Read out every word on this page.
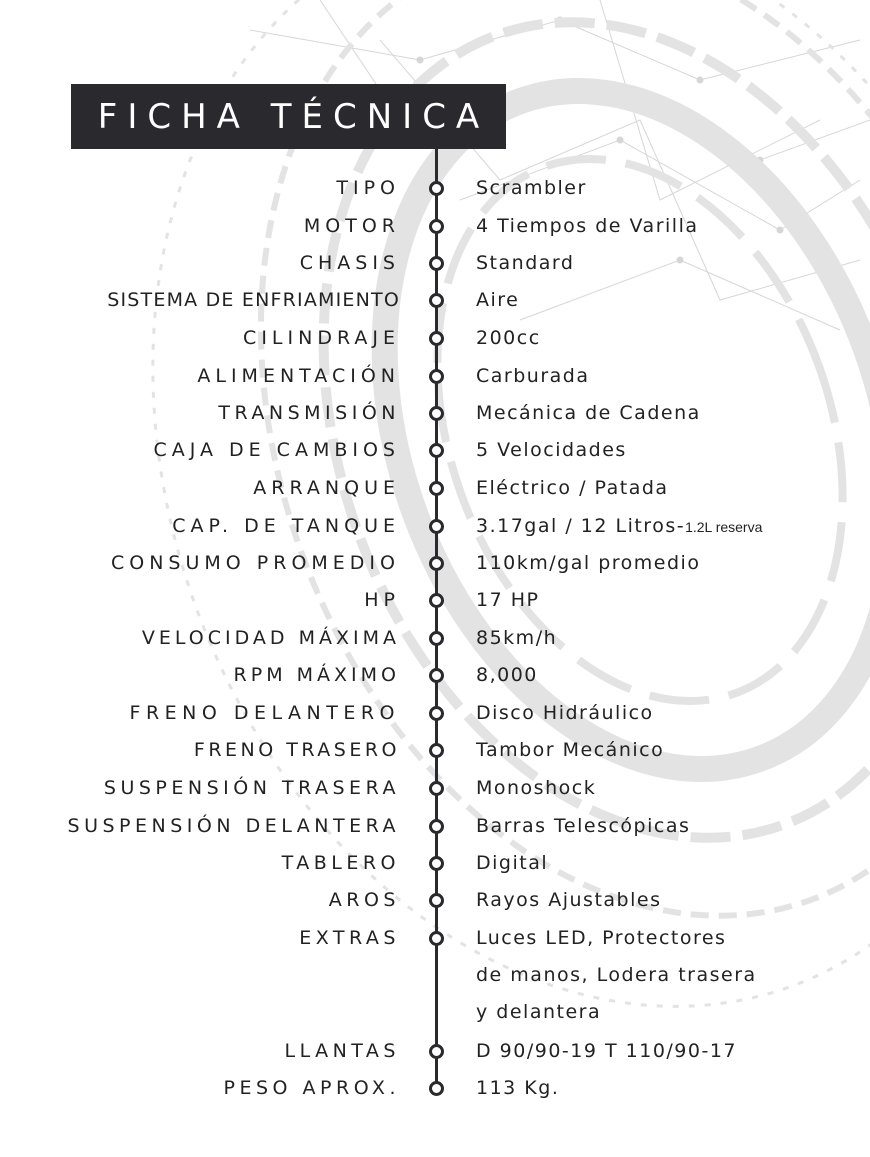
FICHA TÉCNICA
TIPO	Scrambler
MOTOR	4 Tiempos de Varilla
CHASIS	Standard
SISTEMA DE ENFRIAMIENTO	Aire
CILINDRAJE	200cc
ALIMENTACIÓN	Carburada
TRANSMISIÓN	Mecánica de Cadena
CAJA DE CAMBIOS	5 Velocidades
ARRANQUE	Eléctrico / Patada
CAP. DE TANQUE	3.17gal / 12 Litros-1.2L reserva
CONSUMO PROMEDIO	110km/gal promedio
HP	17 HP
VELOCIDAD MÁXIMA	85km/h
RPM MÁXIMO	8,000
FRENO DELANTERO	Disco Hidráulico
FRENO TRASERO	Tambor Mecánico
SUSPENSIÓN TRASERA	Monoshock
SUSPENSIÓN DELANTERA	Barras Telescópicas
TABLERO	Digital
AROS	Rayos Ajustables
EXTRAS	Luces LED, Protectores
de manos, Lodera trasera
y delantera
LLANTAS	D 90/90-19 T 110/90-17
PESO APROX.	113 Kg.
